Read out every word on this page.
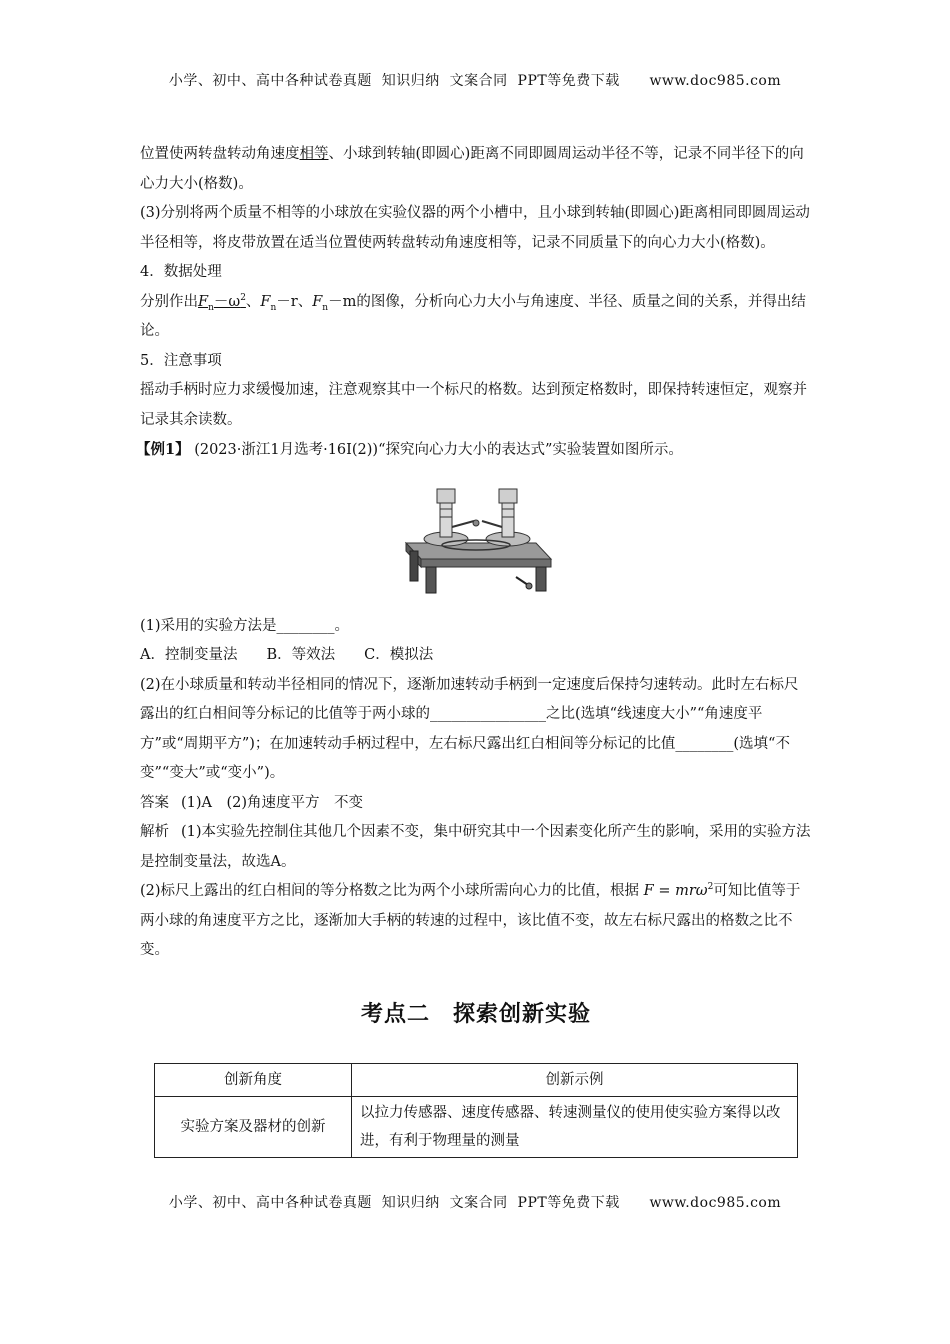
小学、初中、高中各种试卷真题  知识归纳  文案合同  PPT等免费下载      www.doc985.com

位置使两转盘转动角速度相等、小球到转轴(即圆心)距离不同即圆周运动半径不等，记录不同半径下的向心力大小(格数)。

(3)分别将两个质量不相等的小球放在实验仪器的两个小槽中，且小球到转轴(即圆心)距离相同即圆周运动半径相等，将皮带放置在适当位置使两转盘转动角速度相等，记录不同质量下的向心力大小(格数)。

4．数据处理

分别作出$F_n-\omega^2$、$F_n-r$、$F_n-m$的图像，分析向心力大小与角速度、半径、质量之间的关系，并得出结论。

5．注意事项

摇动手柄时应力求缓慢加速，注意观察其中一个标尺的格数。达到预定格数时，即保持转速恒定，观察并记录其余读数。

【例1】 (2023·浙江1月选考·16Ⅰ(2))“探究向心力大小的表达式”实验装置如图所示。

(1)采用的实验方法是________。

A．控制变量法　　B．等效法　　C．模拟法

(2)在小球质量和转动半径相同的情况下，逐渐加速转动手柄到一定速度后保持匀速转动。此时左右标尺露出的红白相间等分标记的比值等于两小球的________________之比(选填“线速度大小”“角速度平方”或“周期平方”)；在加速转动手柄过程中，左右标尺露出红白相间等分标记的比值________(选填“不变”“变大”或“变小”)。

答案 (1)A　(2)角速度平方　不变

解析 (1)本实验先控制住其他几个因素不变，集中研究其中一个因素变化所产生的影响，采用的实验方法是控制变量法，故选A。

(2)标尺上露出的红白相间的等分格数之比为两个小球所需向心力的比值，根据 F = mrω$^2$可知比值等于两小球的角速度平方之比，逐渐加大手柄的转速的过程中，该比值不变，故左右标尺露出的格数之比不变。

考点二　探索创新实验
创新角度	创新示例
实验方案及器材的创新	以拉力传感器、速度传感器、转速测量仪的使用使实验方案得以改进，有利于物理量的测量
小学、初中、高中各种试卷真题  知识归纳  文案合同  PPT等免费下载      www.doc985.com
